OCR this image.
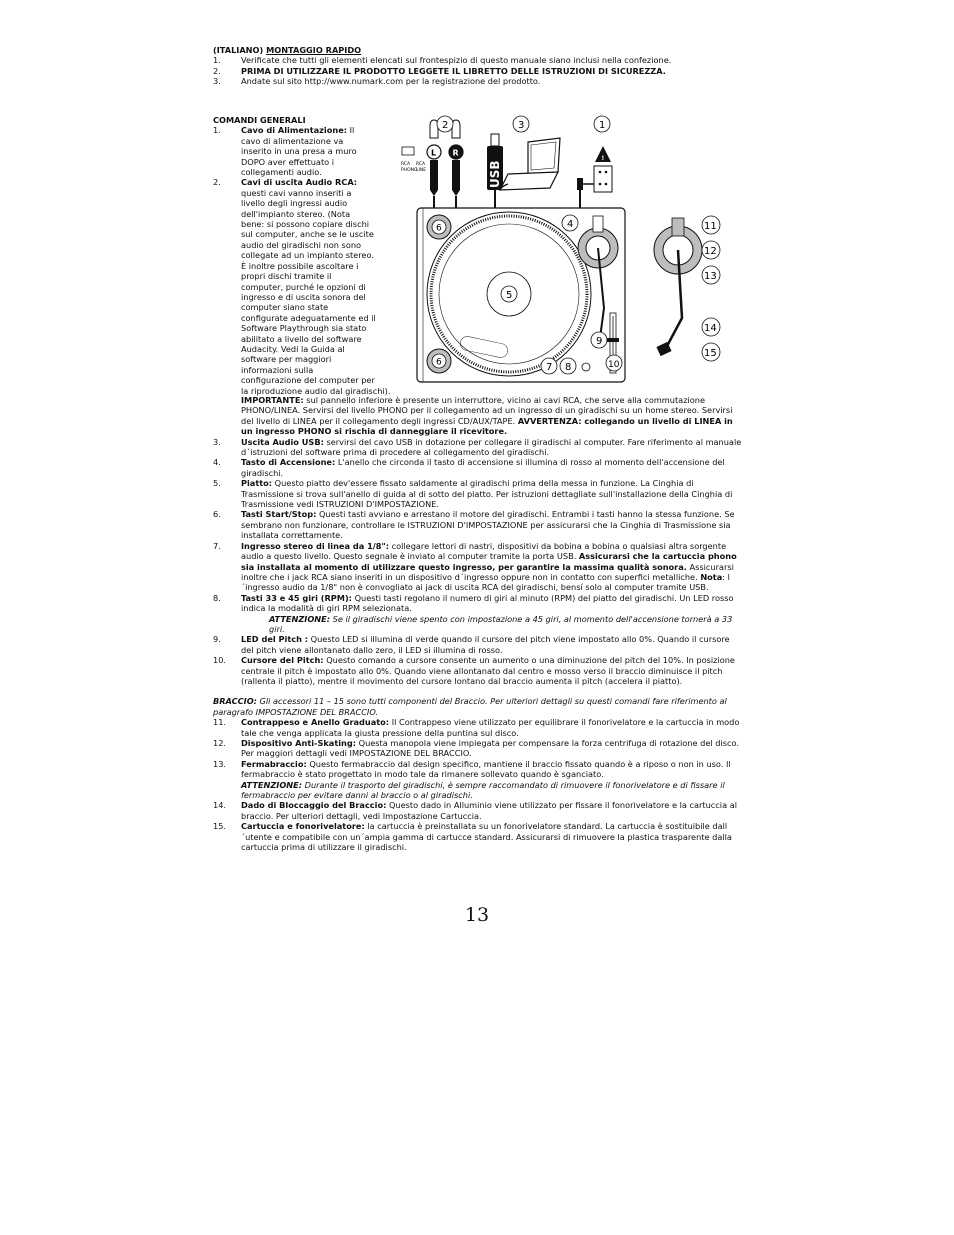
(ITALIANO) MONTAGGIO RAPIDO

1. Verificate che tutti gli elementi elencati sul frontespizio di questo manuale siano inclusi nella confezione.
2. PRIMA DI UTILIZZARE IL PRODOTTO LEGGETE IL LIBRETTO DELLE ISTRUZIONI DI SICUREZZA.
3. Andate sul sito http://www.numark.com per la registrazione del prodotto.

COMANDI GENERALI

1. Cavo di Alimentazione: Il
cavo di alimentazione va
inserito in una presa a muro
DOPO aver effettuato i
collegamenti audio.
2. Cavi di uscita Audio RCA:
questi cavi vanno inseriti a
livello degli ingressi audio
dell'impianto stereo. (Nota
bene: si possono copiare dischi
sul computer, anche se le uscite
audio del giradischi non sono
collegate ad un impianto stereo.
È inoltre possibile ascoltare i
propri dischi tramite il
computer, purché le opzioni di
ingresso e di uscita sonora del
computer siano state
configurate adeguatamente ed il
Software Playthrough sia stato
abilitato a livello del software
Audacity. Vedi la Guida al
software per maggiori
informazioni sulla
configurazione del computer per
la riproduzione audio dal giradischi).
IMPORTANTE: sul pannello inferiore è presente un interruttore, vicino ai cavi RCA, che serve alla commutazione PHONO/LINEA. Servirsi del livello PHONO per il collegamento ad un ingresso di un giradischi su un home stereo. Servirsi del livello di LINEA per il collegamento degli ingressi CD/AUX/TAPE. AVVERTENZA: collegando un livello di LINEA in un ingresso PHONO si rischia di danneggiare il ricevitore.
3. Uscita Audio USB: servirsi del cavo USB in dotazione per collegare il giradischi al computer. Fare riferimento al manuale d´istruzioni del software prima di procedere al collegamento del giradischi.
4. Tasto di Accensione: L'anello che circonda il tasto di accensione si illumina di rosso al momento dell'accensione del giradischi.
5. Piatto: Questo piatto dev'essere fissato saldamente al giradischi prima della messa in funzione. La Cinghia di Trasmissione si trova sull'anello di guida al di sotto del piatto. Per istruzioni dettagliate sull'installazione della Cinghia di Trasmissione vedi ISTRUZIONI D'IMPOSTAZIONE.
6. Tasti Start/Stop: Questi tasti avviano e arrestano il motore del giradischi. Entrambi i tasti hanno la stessa funzione. Se sembrano non funzionare, controllare le ISTRUZIONI D'IMPOSTAZIONE per assicurarsi che la Cinghia di Trasmissione sia installata correttamente.
7. Ingresso stereo di linea da 1/8": collegare lettori di nastri, dispositivi da bobina a bobina o qualsiasi altra sorgente audio a questo livello. Questo segnale è inviato al computer tramite la porta USB. Assicurarsi che la cartuccia phono sia installata al momento di utilizzare questo ingresso, per garantire la massima qualità sonora. Assicurarsi inoltre che i jack RCA siano inseriti in un dispositivo d´ingresso oppure non in contatto con superfici metalliche. Nota: l´ingresso audio da 1/8" non è convogliato ai jack di uscita RCA del giradischi, bensí solo al computer tramite USB.
8. Tasti 33 e 45 giri (RPM): Questi tasti regolano il numero di giri al minuto (RPM) del piatto del giradischi. Un LED rosso indica la modalità di giri RPM selezionata.
ATTENZIONE: Se il giradischi viene spento con impostazione a 45 giri, al momento dell'accensione tornerà a 33 giri.
9. LED del Pitch : Questo LED si illumina di verde quando il cursore del pitch viene impostato allo 0%. Quando il cursore del pitch viene allontanato dallo zero, il LED si illumina di rosso.
10. Cursore del Pitch: Questo comando a cursore consente un aumento o una diminuzione del pitch del 10%. In posizione centrale il pitch è impostato allo 0%. Quando viene allontanato dal centro e mosso verso il braccio diminuisce il pitch (rallenta il piatto), mentre il movimento del cursore lontano dal braccio aumenta il pitch (accelera il piatto).

BRACCIO: Gli accessori 11 – 15 sono tutti componenti del Braccio. Per ulteriori dettagli su questi comandi fare riferimento al paragrafo IMPOSTAZIONE DEL BRACCIO.

11. Contrappeso e Anello Graduato: Il Contrappeso viene utilizzato per equilibrare il fonorivelatore e la cartuccia in modo tale che venga applicata la giusta pressione della puntina sul disco.
12. Dispositivo Anti-Skating: Questa manopola viene impiegata per compensare la forza centrifuga di rotazione del disco. Per maggiori dettagli vedi IMPOSTAZIONE DEL BRACCIO.
13. Fermabraccio: Questo fermabraccio dal design specifico, mantiene il braccio fissato quando è a riposo o non in uso. Il fermabraccio è stato progettato in modo tale da rimanere sollevato quando è sganciato.
ATTENZIONE: Durante il trasporto del giradischi, è sempre raccomandato di rimuovere il fonorivelatore e di fissare il fermabraccio per evitare danni al braccio o al giradischi.
14. Dado di Bloccaggio del Braccio: Questo dado in Alluminio viene utilizzato per fissare il fonorivelatore e la cartuccia al braccio. Per ulteriori dettagli, vedi Impostazione Cartuccia.
15. Cartuccia e fonorivelatore: la cartuccia è preinstallata su un fonorivelatore standard. La cartuccia è sostituibile dall´utente e compatibile con un´ampia gamma di cartucce standard. Assicurarsi di rimuovere la plastica trasparente dalla cartuccia prima di utilizzare il giradischi.
13
RCA
PHONO
RCA
LINE
L R
USB
!
2	3	1
4
5
6
6	7 8
9
10
11
12
13
14
15
